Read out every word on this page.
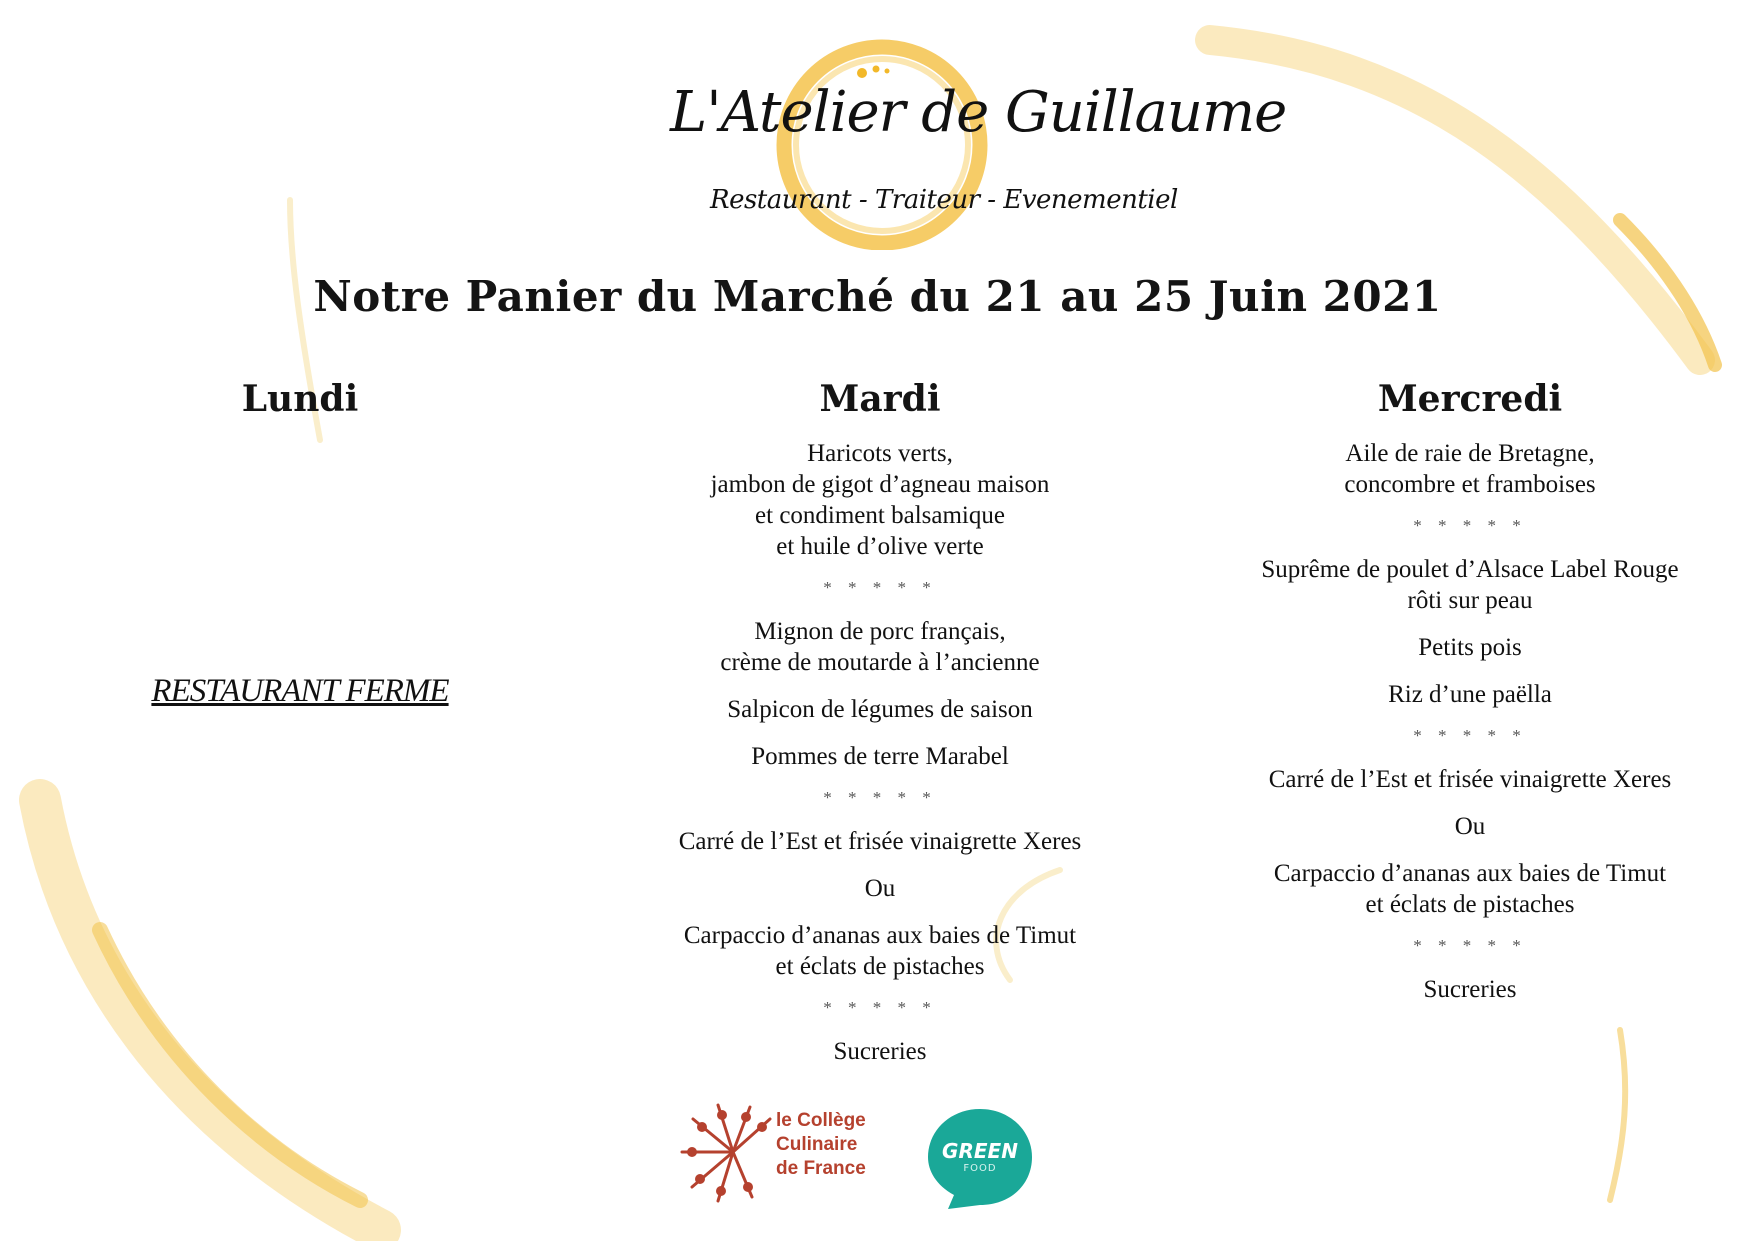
L'Atelier de Guillaume
Restaurant - Traiteur - Evenementiel
Notre Panier du Marché du 21 au 25 Juin 2021
Lundi
RESTAURANT FERME
Mardi
Haricots verts,
jambon de gigot d’agneau maison
et condiment balsamique
et huile d’olive verte
* * * * *
Mignon de porc français,
crème de moutarde à l’ancienne
Salpicon de légumes de saison
Pommes de terre Marabel
* * * * *
Carré de l’Est et frisée vinaigrette Xeres
Ou
Carpaccio d’ananas aux baies de Timut
et éclats de pistaches
* * * * *
Sucreries
Mercredi
Aile de raie de Bretagne,
concombre et framboises
* * * * *
Suprême de poulet d’Alsace Label Rouge
rôti sur peau
Petits pois
Riz d’une paëlla
* * * * *
Carré de l’Est et frisée vinaigrette Xeres
Ou
Carpaccio d’ananas aux baies de Timut
et éclats de pistaches
* * * * *
Sucreries
le Collège
Culinaire
de France
GREEN
FOOD
